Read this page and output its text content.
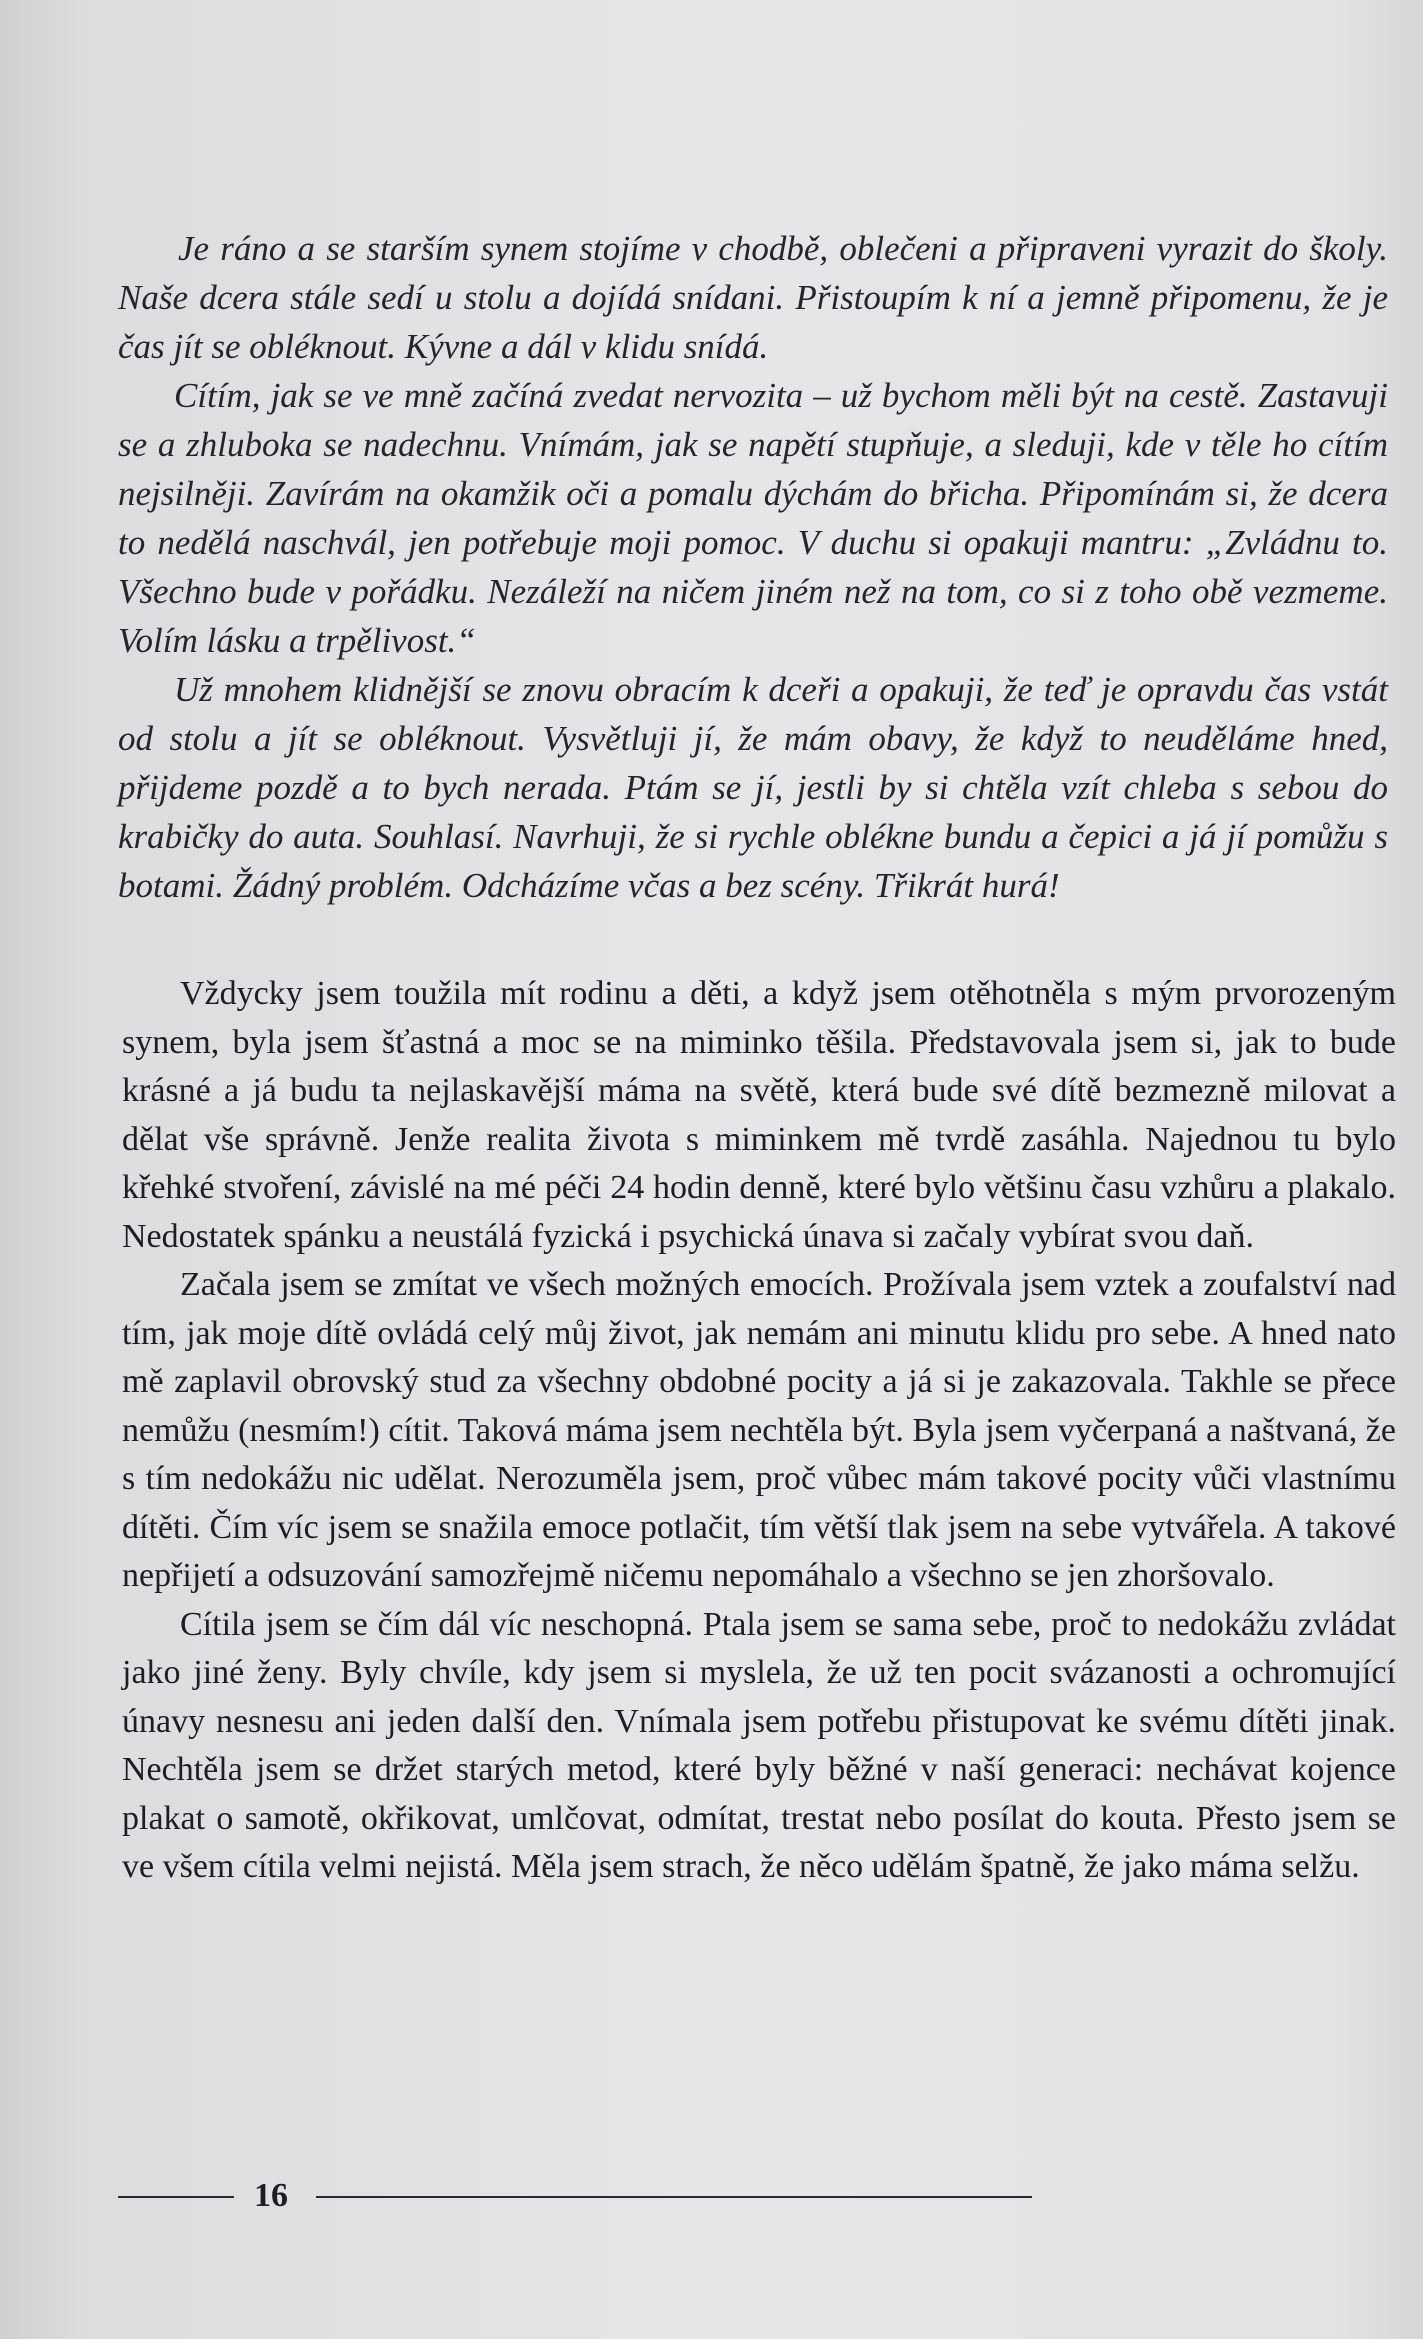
Je ráno a se starším synem stojíme v chodbě, oblečeni a připraveni vyrazit do školy. Naše dcera stále sedí u stolu a dojídá snídani. Přistoupím k ní a jemně připomenu, že je čas jít se obléknout. Kývne a dál v klidu snídá.

Cítím, jak se ve mně začíná zvedat nervozita – už bychom měli být na cestě. Zastavuji se a zhluboka se nadechnu. Vnímám, jak se napětí stupňuje, a sleduji, kde v těle ho cítím nejsilněji. Zavírám na okamžik oči a pomalu dýchám do břicha. Připomínám si, že dcera to nedělá naschvál, jen potřebuje moji pomoc. V duchu si opakuji mantru: „Zvládnu to. Všechno bude v pořádku. Nezáleží na ničem jiném než na tom, co si z toho obě vezmeme. Volím lásku a trpělivost.“

Už mnohem klidnější se znovu obracím k dceři a opakuji, že teď je opravdu čas vstát od stolu a jít se obléknout. Vysvětluji jí, že mám obavy, že když to neuděláme hned, přijdeme pozdě a to bych nerada. Ptám se jí, jestli by si chtěla vzít chleba s sebou do krabičky do auta. Souhlasí. Navrhuji, že si rychle oblékne bundu a čepici a já jí pomůžu s botami. Žádný problém. Odcházíme včas a bez scény. Třikrát hurá!

Vždycky jsem toužila mít rodinu a děti, a když jsem otěhotněla s mým prvorozeným synem, byla jsem šťastná a moc se na miminko těšila. Představovala jsem si, jak to bude krásné a já budu ta nejlaskavější máma na světě, která bude své dítě bezmezně milovat a dělat vše správně. Jenže realita života s miminkem mě tvrdě zasáhla. Najednou tu bylo křehké stvoření, závislé na mé péči 24 hodin denně, které bylo většinu času vzhůru a plakalo. Nedostatek spánku a neustálá fyzická i psychická únava si začaly vybírat svou daň.

Začala jsem se zmítat ve všech možných emocích. Prožívala jsem vztek a zoufalství nad tím, jak moje dítě ovládá celý můj život, jak nemám ani minutu klidu pro sebe. A hned nato mě zaplavil obrovský stud za všechny obdobné pocity a já si je zakazovala. Takhle se přece nemůžu (nesmím!) cítit. Taková máma jsem nechtěla být. Byla jsem vyčerpaná a naštvaná, že s tím nedokážu nic udělat. Nerozuměla jsem, proč vůbec mám takové pocity vůči vlastnímu dítěti. Čím víc jsem se snažila emoce potlačit, tím větší tlak jsem na sebe vytvářela. A takové nepřijetí a odsuzování samozřejmě ničemu nepomáhalo a všechno se jen zhoršovalo.

Cítila jsem se čím dál víc neschopná. Ptala jsem se sama sebe, proč to nedokážu zvládat jako jiné ženy. Byly chvíle, kdy jsem si myslela, že už ten pocit svázanosti a ochromující únavy nesnesu ani jeden další den. Vnímala jsem potřebu přistupovat ke svému dítěti jinak. Nechtěla jsem se držet starých metod, které byly běžné v naší generaci: nechávat kojence plakat o samotě, okřikovat, umlčovat, odmítat, trestat nebo posílat do kouta. Přesto jsem se ve všem cítila velmi nejistá. Měla jsem strach, že něco udělám špatně, že jako máma selžu.

16
